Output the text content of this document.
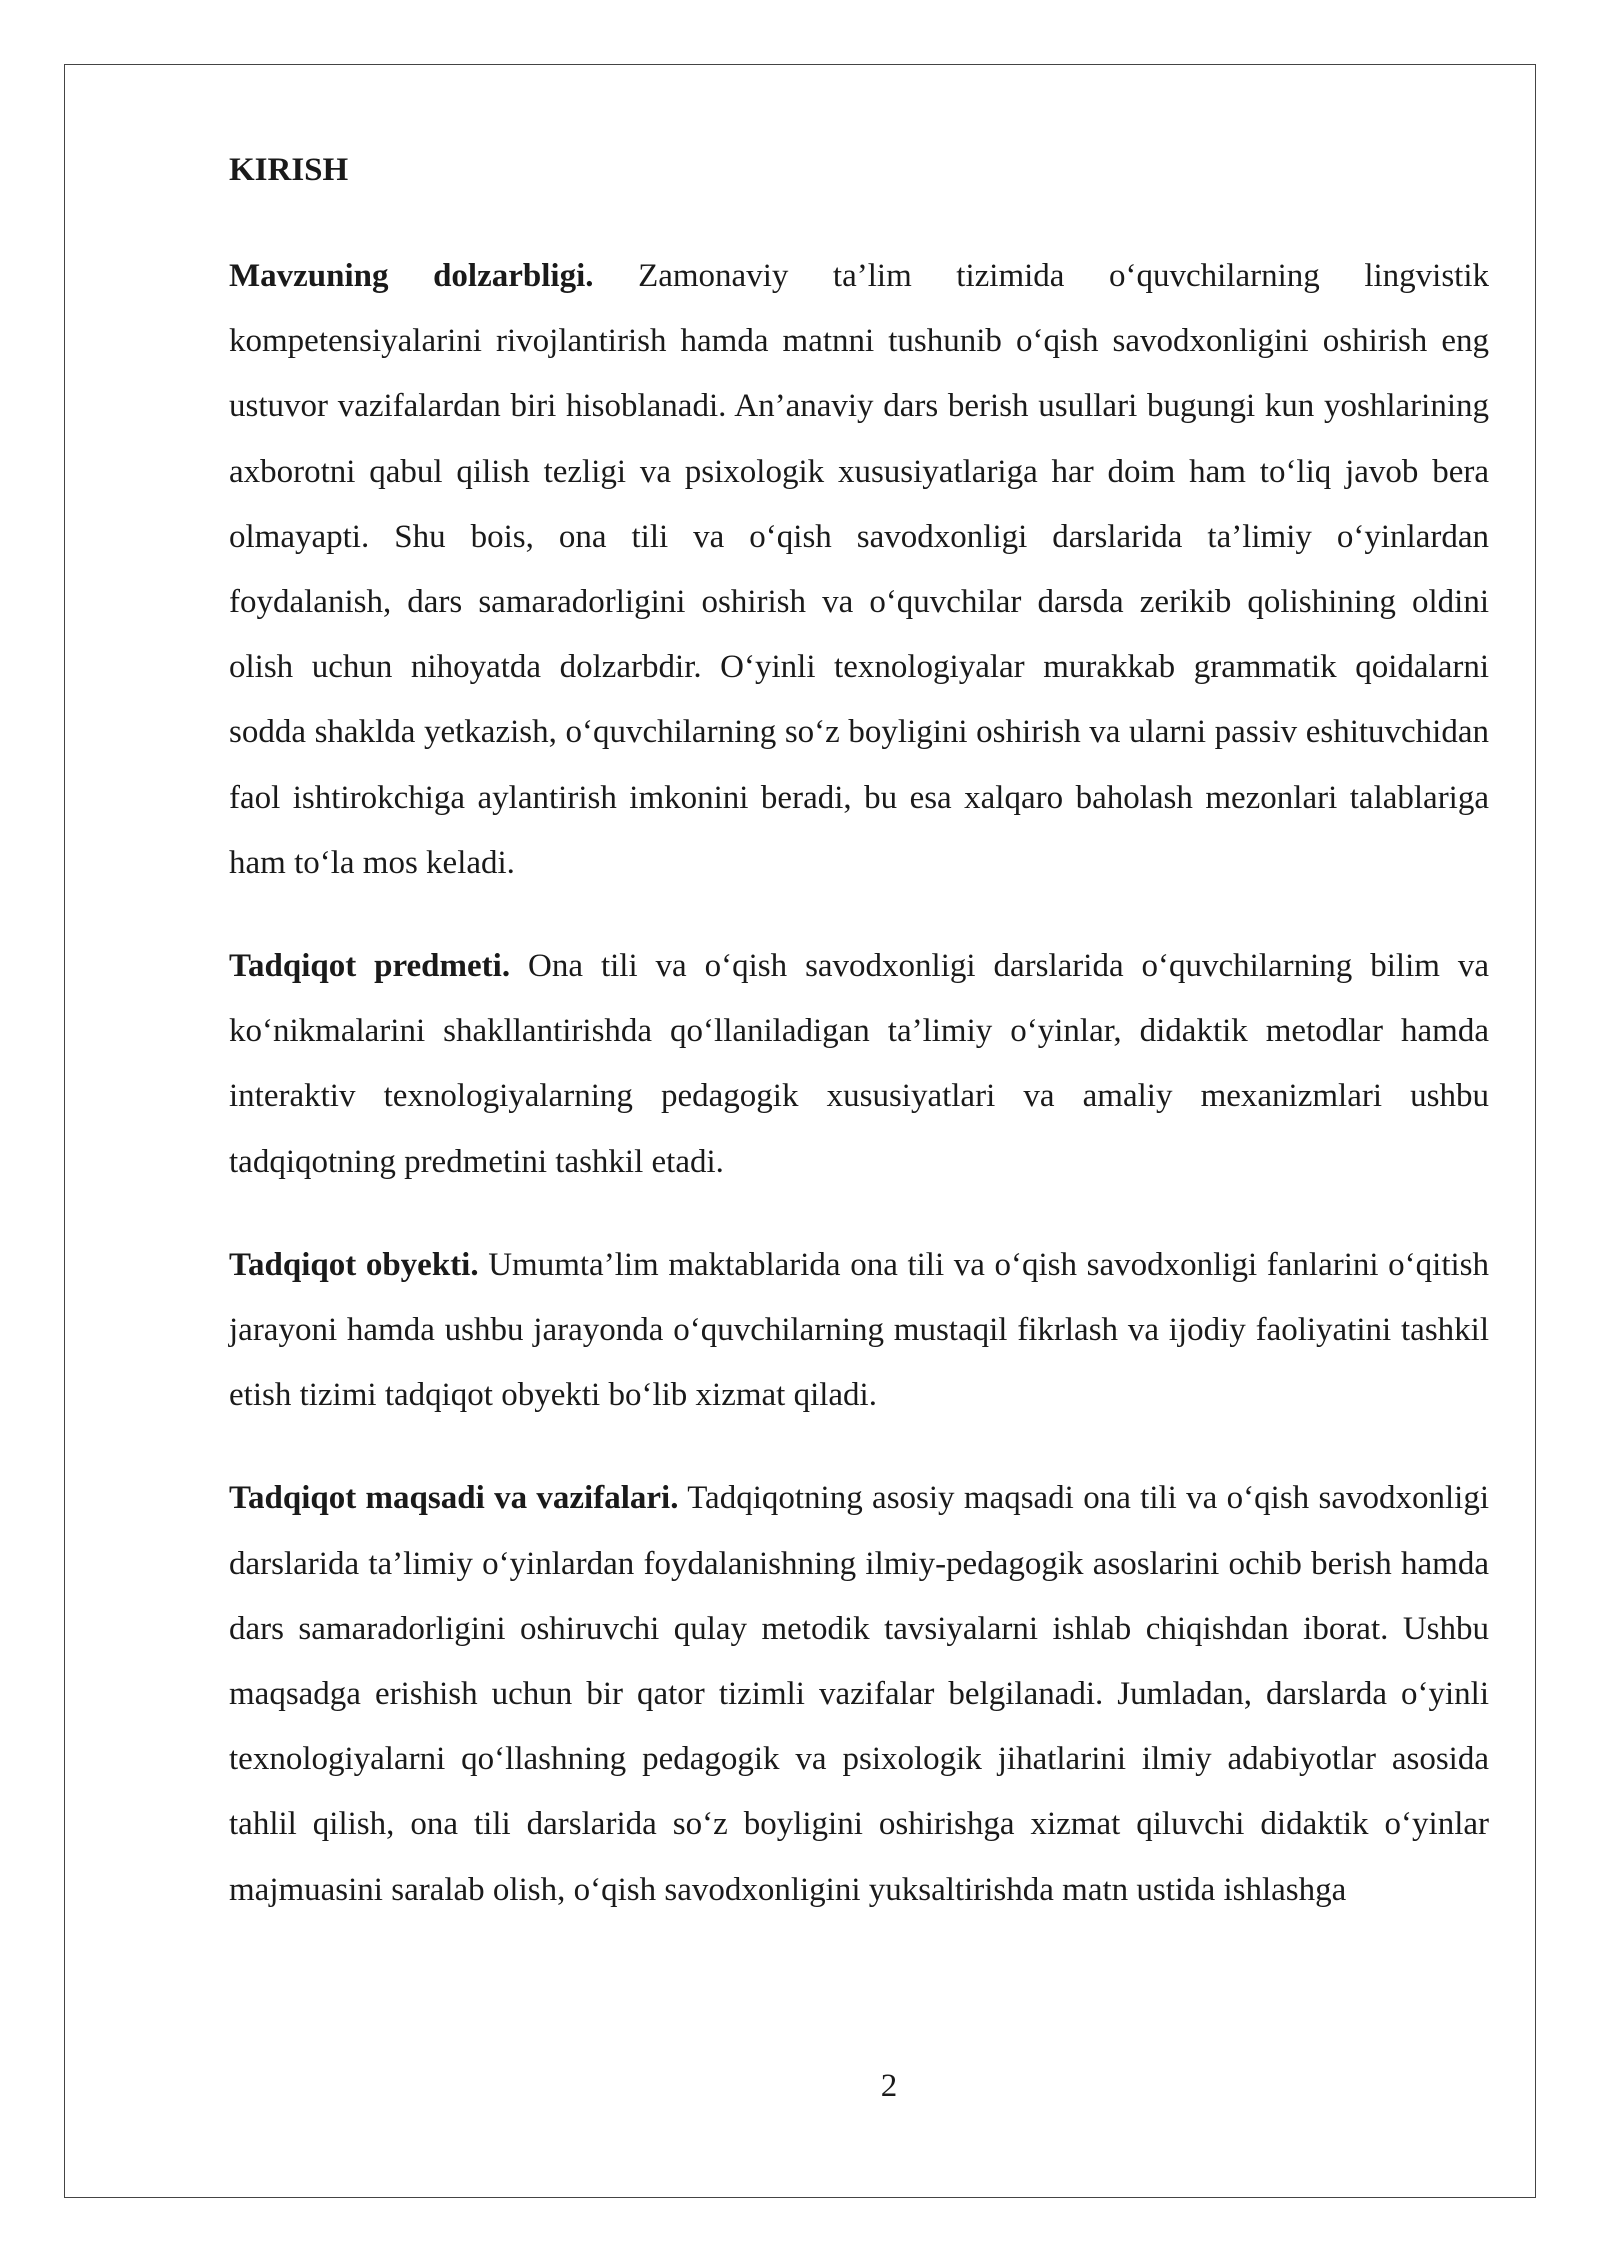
KIRISH

Mavzuning dolzarbligi. Zamonaviy ta’lim tizimida o‘quvchilarning lingvistik kompetensiyalarini rivojlantirish hamda matnni tushunib o‘qish savodxonligini oshirish eng ustuvor vazifalardan biri hisoblanadi. An’anaviy dars berish usullari bugungi kun yoshlarining axborotni qabul qilish tezligi va psixologik xususiyatlariga har doim ham to‘liq javob bera olmayapti. Shu bois, ona tili va o‘qish savodxonligi darslarida ta’limiy o‘yinlardan foydalanish, dars samaradorligini oshirish va o‘quvchilar darsda zerikib qolishining oldini olish uchun nihoyatda dolzarbdir. O‘yinli texnologiyalar murakkab grammatik qoidalarni sodda shaklda yetkazish, o‘quvchilarning so‘z boyligini oshirish va ularni passiv eshituvchidan faol ishtirokchiga aylantirish imkonini beradi, bu esa xalqaro baholash mezonlari talablariga ham to‘la mos keladi.

Tadqiqot predmeti. Ona tili va o‘qish savodxonligi darslarida o‘quvchilarning bilim va ko‘nikmalarini shakllantirishda qo‘llaniladigan ta’limiy o‘yinlar, didaktik metodlar hamda interaktiv texnologiyalarning pedagogik xususiyatlari va amaliy mexanizmlari ushbu tadqiqotning predmetini tashkil etadi.

Tadqiqot obyekti. Umumta’lim maktablarida ona tili va o‘qish savodxonligi fanlarini o‘qitish jarayoni hamda ushbu jarayonda o‘quvchilarning mustaqil fikrlash va ijodiy faoliyatini tashkil etish tizimi tadqiqot obyekti bo‘lib xizmat qiladi.

Tadqiqot maqsadi va vazifalari. Tadqiqotning asosiy maqsadi ona tili va o‘qish savodxonligi darslarida ta’limiy o‘yinlardan foydalanishning ilmiy-pedagogik asoslarini ochib berish hamda dars samaradorligini oshiruvchi qulay metodik tavsiyalarni ishlab chiqishdan iborat. Ushbu maqsadga erishish uchun bir qator tizimli vazifalar belgilanadi. Jumladan, darslarda o‘yinli texnologiyalarni qo‘llashning pedagogik va psixologik jihatlarini ilmiy adabiyotlar asosida tahlil qilish, ona tili darslarida so‘z boyligini oshirishga xizmat qiluvchi didaktik o‘yinlar majmuasini saralab olish, o‘qish savodxonligini yuksaltirishda matn ustida ishlashga

2
